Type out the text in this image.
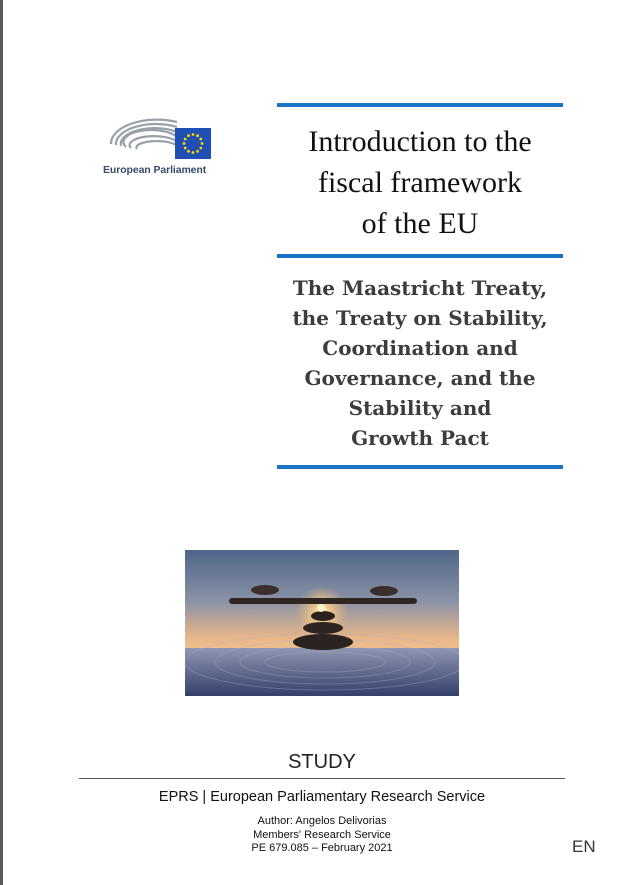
European Parliament
Introduction to the
fiscal framework
of the EU
The Maastricht Treaty,
the Treaty on Stability,
Coordination and
Governance, and the
Stability and
Growth Pact
STUDY
EPRS | European Parliamentary Research Service
Author: Angelos Delivorias
Members' Research Service
PE 679.085 – February 2021	EN
